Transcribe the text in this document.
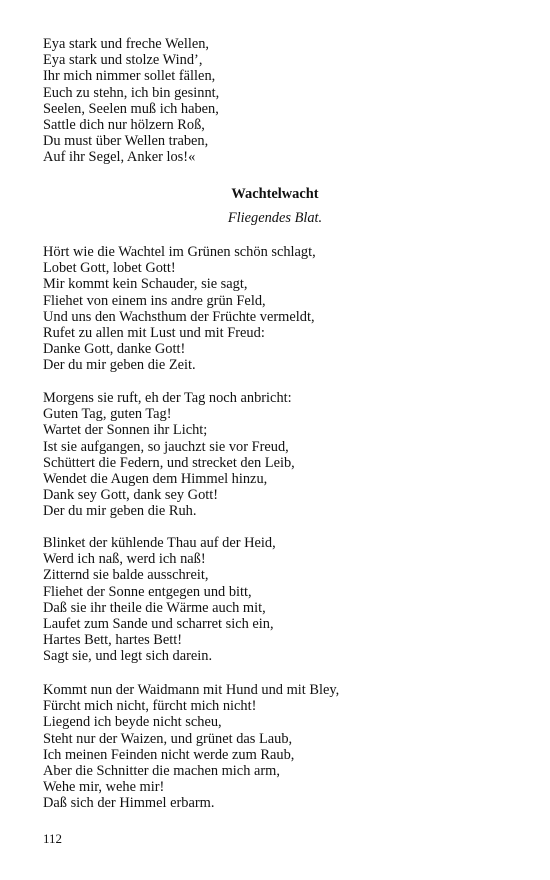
Eya stark und freche Wellen,
Eya stark und stolze Wind’,
Ihr mich nimmer sollet fällen,
Euch zu stehn, ich bin gesinnt,
Seelen, Seelen muß ich haben,
Sattle dich nur hölzern Roß,
Du must über Wellen traben,
Auf ihr Segel, Anker los!«
Wachtelwacht

Fliegendes Blat.

Hört wie die Wachtel im Grünen schön schlagt,
Lobet Gott, lobet Gott!
Mir kommt kein Schauder, sie sagt,
Fliehet von einem ins andre grün Feld,
Und uns den Wachsthum der Früchte vermeldt,
Rufet zu allen mit Lust und mit Freud:
Danke Gott, danke Gott!
Der du mir geben die Zeit.
Morgens sie ruft, eh der Tag noch anbricht:
Guten Tag, guten Tag!
Wartet der Sonnen ihr Licht;
Ist sie aufgangen, so jauchzt sie vor Freud,
Schüttert die Federn, und strecket den Leib,
Wendet die Augen dem Himmel hinzu,
Dank sey Gott, dank sey Gott!
Der du mir geben die Ruh.
Blinket der kühlende Thau auf der Heid,
Werd ich naß, werd ich naß!
Zitternd sie balde ausschreit,
Fliehet der Sonne entgegen und bitt,
Daß sie ihr theile die Wärme auch mit,
Laufet zum Sande und scharret sich ein,
Hartes Bett, hartes Bett!
Sagt sie, und legt sich darein.
Kommt nun der Waidmann mit Hund und mit Bley,
Fürcht mich nicht, fürcht mich nicht!
Liegend ich beyde nicht scheu,
Steht nur der Waizen, und grünet das Laub,
Ich meinen Feinden nicht werde zum Raub,
Aber die Schnitter die machen mich arm,
Wehe mir, wehe mir!
Daß sich der Himmel erbarm.
112
